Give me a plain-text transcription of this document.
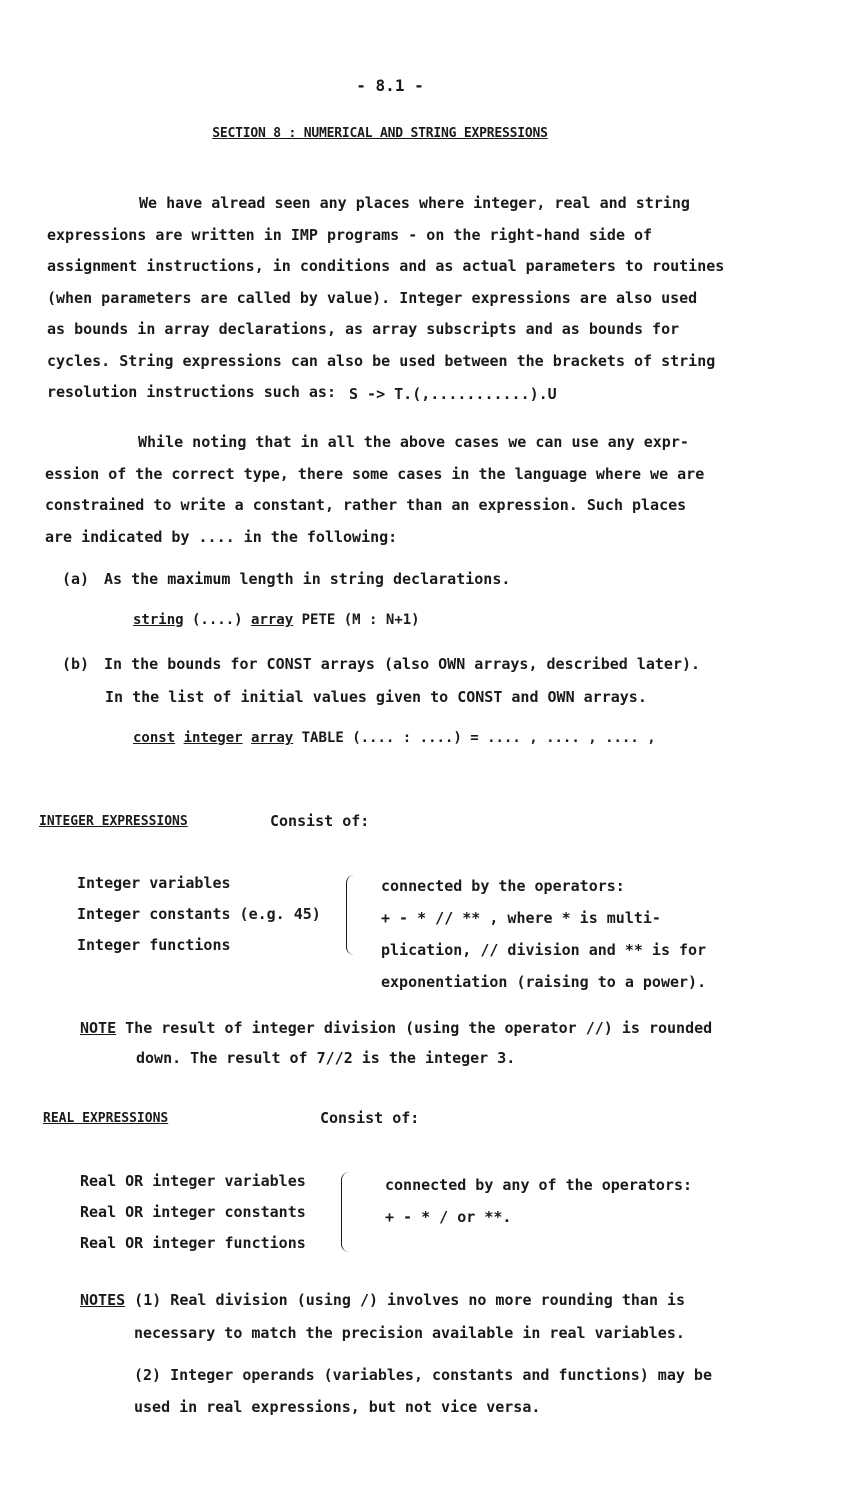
- 8.1 -
SECTION 8 : NUMERICAL AND STRING EXPRESSIONS
We have alread seen any places where integer, real and string
expressions are written in IMP programs - on the right-hand side of
assignment instructions, in conditions and as actual parameters to routines
(when parameters are called by value). Integer expressions are also used
as bounds in array declarations, as array subscripts and as bounds for
cycles. String expressions can also be used between the brackets of string
resolution instructions such as: S -> T.(,...........).U
While noting that in all the above cases we can use any expr-
ession of the correct type, there some cases in the language where we are
constrained to write a constant, rather than an expression. Such places
are indicated by .... in the following:
(a) As the maximum length in string declarations.
string (....) array PETE (M : N+1)
(b) In the bounds for CONST arrays (also OWN arrays, described later).
In the list of initial values given to CONST and OWN arrays.
const integer array TABLE (.... : ....) = .... , .... , .... ,
INTEGER EXPRESSIONS	Consist of:
Integer variables
Integer constants (e.g. 45)
Integer functions
connected by the operators:
+ - * // ** , where * is multi-
plication, // division and ** is for
exponentiation (raising to a power).
NOTE The result of integer division (using the operator //) is rounded
down. The result of 7//2 is the integer 3.
REAL EXPRESSIONS	Consist of:
Real OR integer variables
Real OR integer constants
Real OR integer functions
connected by any of the operators:
+ - * / or **.
NOTES (1) Real division (using /) involves no more rounding than is
necessary to match the precision available in real variables.
(2) Integer operands (variables, constants and functions) may be
used in real expressions, but not vice versa.
